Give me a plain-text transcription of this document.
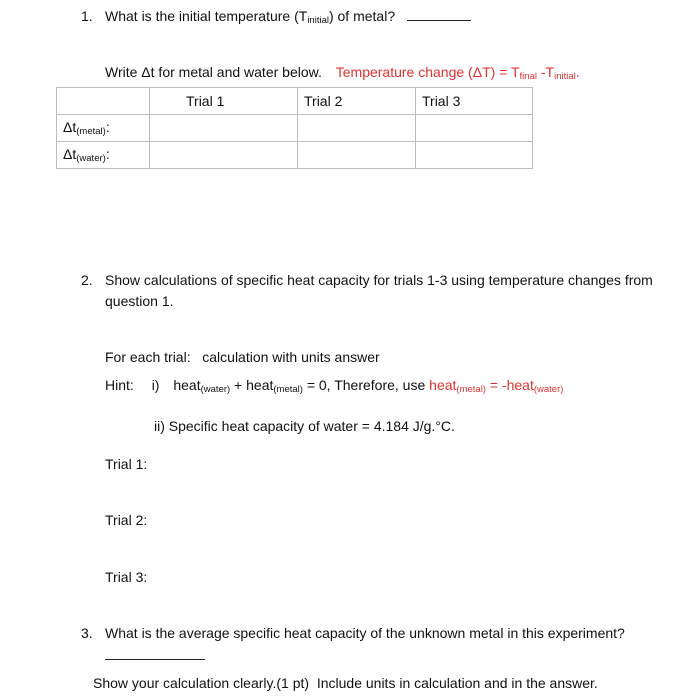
1. What is the initial temperature $(T_{initial})$ of metal?
Write Δt for metal and water below. Temperature change $(\Delta T) = T_{final}$ $-T_{initial}$.
	Trial 1	Trial 2	Trial 3
$\Delta t_{(metal)}$:			
$\Delta t_{(water)}$:			
2. Show calculations of specific heat capacity for trials 1-3 using temperature changes from
question 1.
For each trial:   calculation with units answer
Hint: i) heat$_{(water)}$ + heat$_{(metal)}$ = 0, Therefore, use heat$_{(metal)}$ = -heat$_{(water)}$
ii) Specific heat capacity of water = 4.184 J/g.°C.
Trial 1:
Trial 2:
Trial 3:
3. What is the average specific heat capacity of the unknown metal in this experiment?
Show your calculation clearly.(1 pt)  Include units in calculation and in the answer.
